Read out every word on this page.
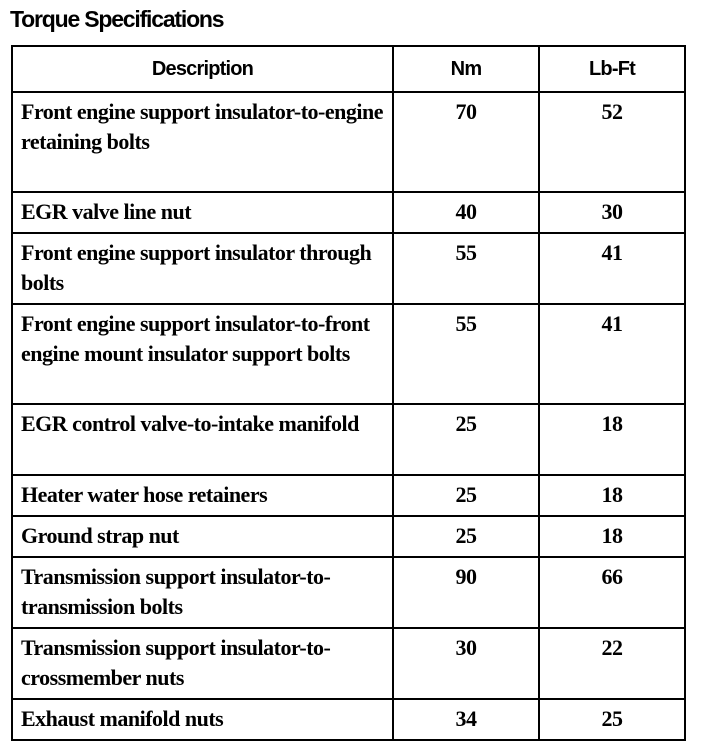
Torque Specifications
Description	Nm	Lb-Ft
Front engine support insulator-to-engine retaining bolts	70	52
EGR valve line nut	40	30
Front engine support insulator through bolts	55	41
Front engine support insulator-to-front engine mount insulator support bolts	55	41
EGR control valve-to-intake manifold	25	18
Heater water hose retainers	25	18
Ground strap nut	25	18
Transmission support insulator-to-transmission bolts	90	66
Transmission support insulator-to-crossmember nuts	30	22
Exhaust manifold nuts	34	25
